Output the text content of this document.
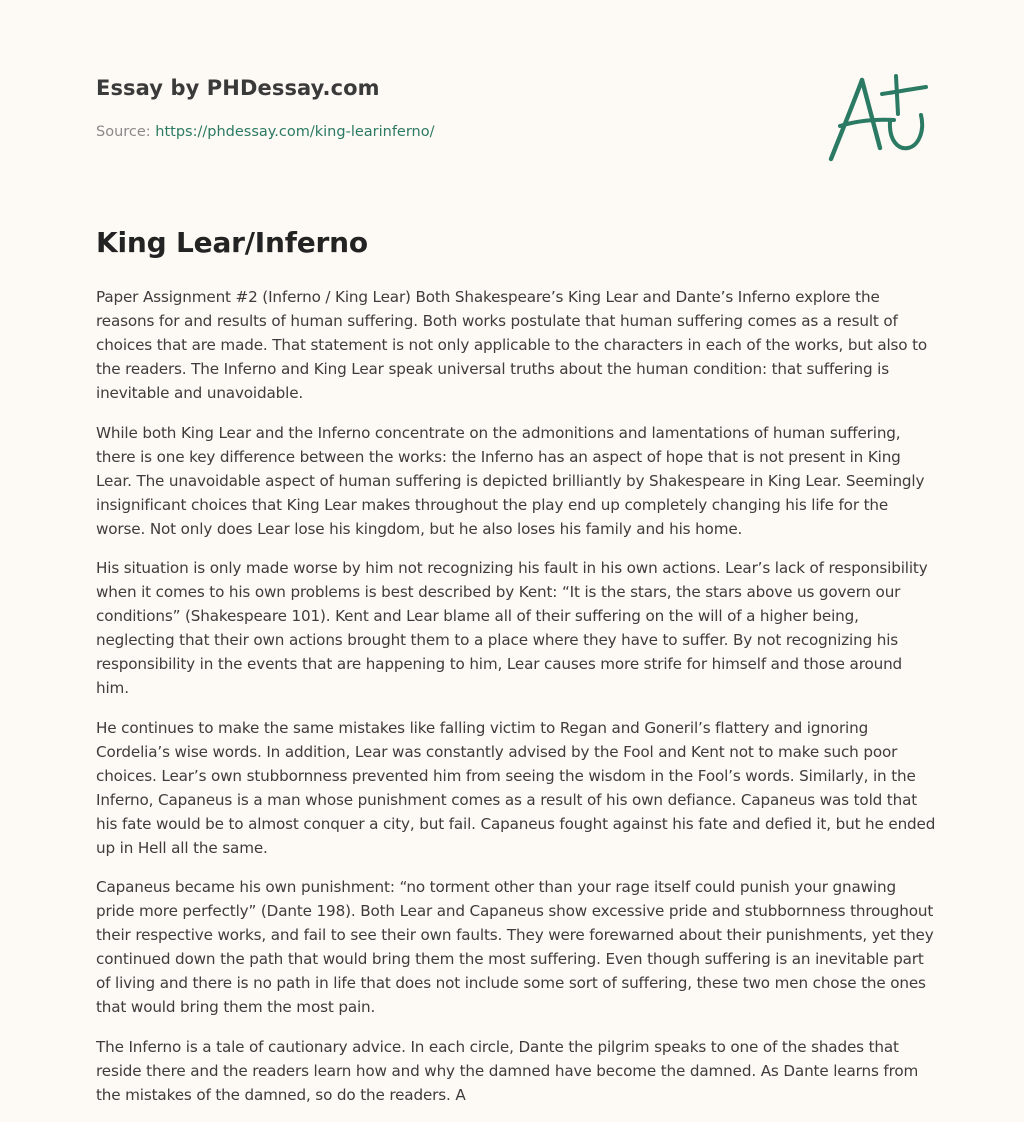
Essay by PHDessay.com
Source: https://phdessay.com/king-learinferno/
King Lear/Inferno

Paper Assignment #2 (Inferno / King Lear) Both Shakespeare’s King Lear and Dante’s Inferno explore the reasons for and results of human suffering. Both works postulate that human suffering comes as a result of choices that are made. That statement is not only applicable to the characters in each of the works, but also to the readers. The Inferno and King Lear speak universal truths about the human condition: that suffering is inevitable and unavoidable.

While both King Lear and the Inferno concentrate on the admonitions and lamentations of human suffering, there is one key difference between the works: the Inferno has an aspect of hope that is not present in King Lear. The unavoidable aspect of human suffering is depicted brilliantly by Shakespeare in King Lear. Seemingly insignificant choices that King Lear makes throughout the play end up completely changing his life for the worse. Not only does Lear lose his kingdom, but he also loses his family and his home.

His situation is only made worse by him not recognizing his fault in his own actions. Lear’s lack of responsibility when it comes to his own problems is best described by Kent: “It is the stars, the stars above us govern our conditions” (Shakespeare 101). Kent and Lear blame all of their suffering on the will of a higher being, neglecting that their own actions brought them to a place where they have to suffer. By not recognizing his responsibility in the events that are happening to him, Lear causes more strife for himself and those around him.

He continues to make the same mistakes like falling victim to Regan and Goneril’s flattery and ignoring Cordelia’s wise words. In addition, Lear was constantly advised by the Fool and Kent not to make such poor choices. Lear’s own stubbornness prevented him from seeing the wisdom in the Fool’s words. Similarly, in the Inferno, Capaneus is a man whose punishment comes as a result of his own defiance. Capaneus was told that his fate would be to almost conquer a city, but fail. Capaneus fought against his fate and defied it, but he ended up in Hell all the same.

Capaneus became his own punishment: “no torment other than your rage itself could punish your gnawing pride more perfectly” (Dante 198). Both Lear and Capaneus show excessive pride and stubbornness throughout their respective works, and fail to see their own faults. They were forewarned about their punishments, yet they continued down the path that would bring them the most suffering. Even though suffering is an inevitable part of living and there is no path in life that does not include some sort of suffering, these two men chose the ones that would bring them the most pain.

The Inferno is a tale of cautionary advice. In each circle, Dante the pilgrim speaks to one of the shades that reside there and the readers learn how and why the damned have become the damned. As Dante learns from the mistakes of the damned, so do the readers. A
